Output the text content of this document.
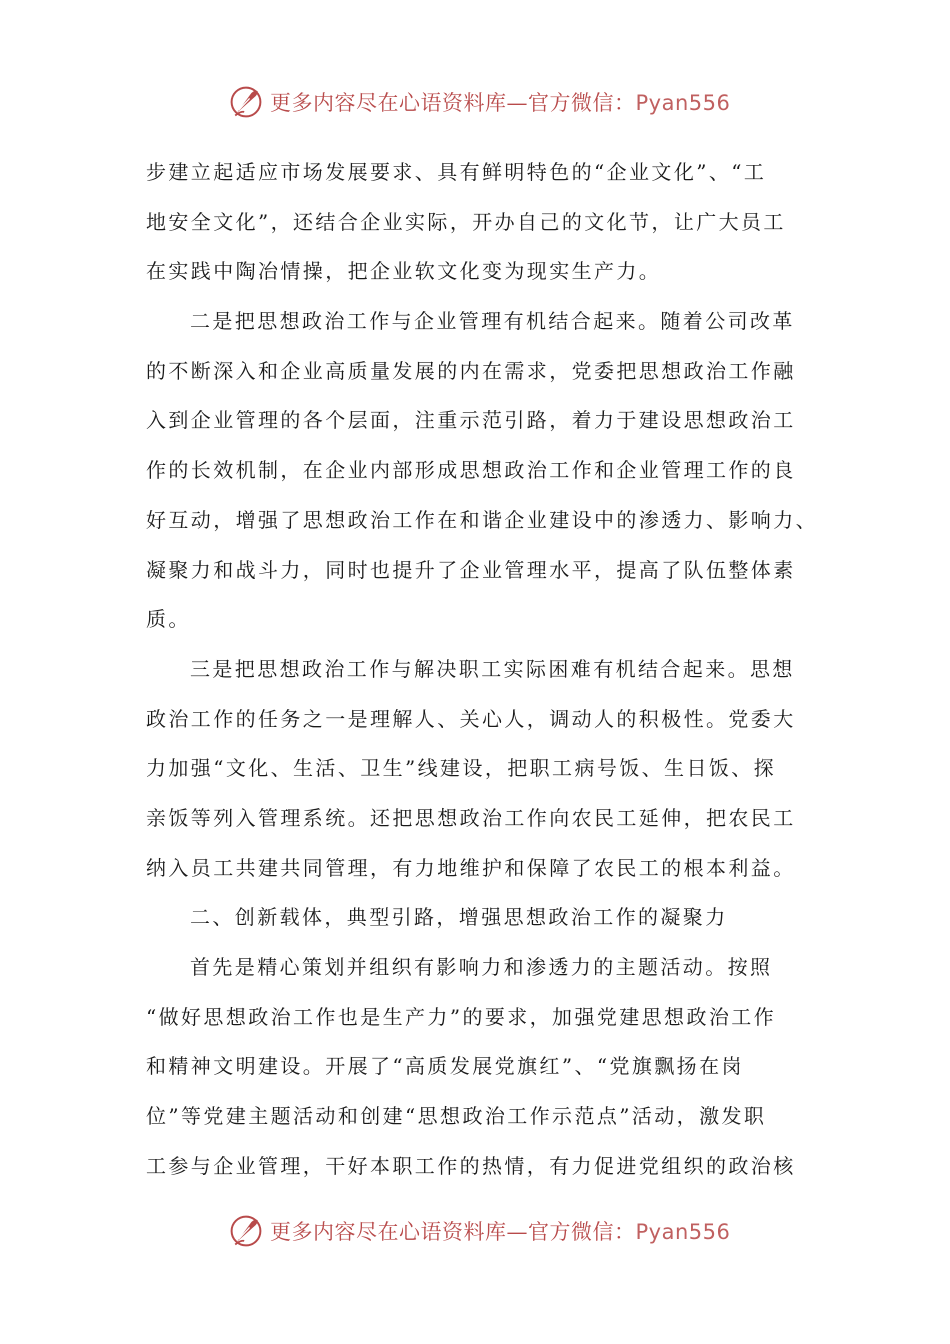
更多内容尽在心语资料库—官方微信：Pyan556
步建立起适应市场发展要求、具有鲜明特色的“企业文化”、“工
地安全文化”，还结合企业实际，开办自己的文化节，让广大员工
在实践中陶冶情操，把企业软文化变为现实生产力。
二是把思想政治工作与企业管理有机结合起来。随着公司改革
的不断深入和企业高质量发展的内在需求，党委把思想政治工作融
入到企业管理的各个层面，注重示范引路，着力于建设思想政治工
作的长效机制，在企业内部形成思想政治工作和企业管理工作的良
好互动，增强了思想政治工作在和谐企业建设中的渗透力、影响力、
凝聚力和战斗力，同时也提升了企业管理水平，提高了队伍整体素
质。
三是把思想政治工作与解决职工实际困难有机结合起来。思想
政治工作的任务之一是理解人、关心人，调动人的积极性。党委大
力加强“文化、生活、卫生”线建设，把职工病号饭、生日饭、探
亲饭等列入管理系统。还把思想政治工作向农民工延伸，把农民工
纳入员工共建共同管理，有力地维护和保障了农民工的根本利益。
二、创新载体，典型引路，增强思想政治工作的凝聚力
首先是精心策划并组织有影响力和渗透力的主题活动。按照
“做好思想政治工作也是生产力”的要求，加强党建思想政治工作
和精神文明建设。开展了“高质发展党旗红”、“党旗飘扬在岗
位”等党建主题活动和创建“思想政治工作示范点”活动，激发职
工参与企业管理，干好本职工作的热情，有力促进党组织的政治核
更多内容尽在心语资料库—官方微信：Pyan556
